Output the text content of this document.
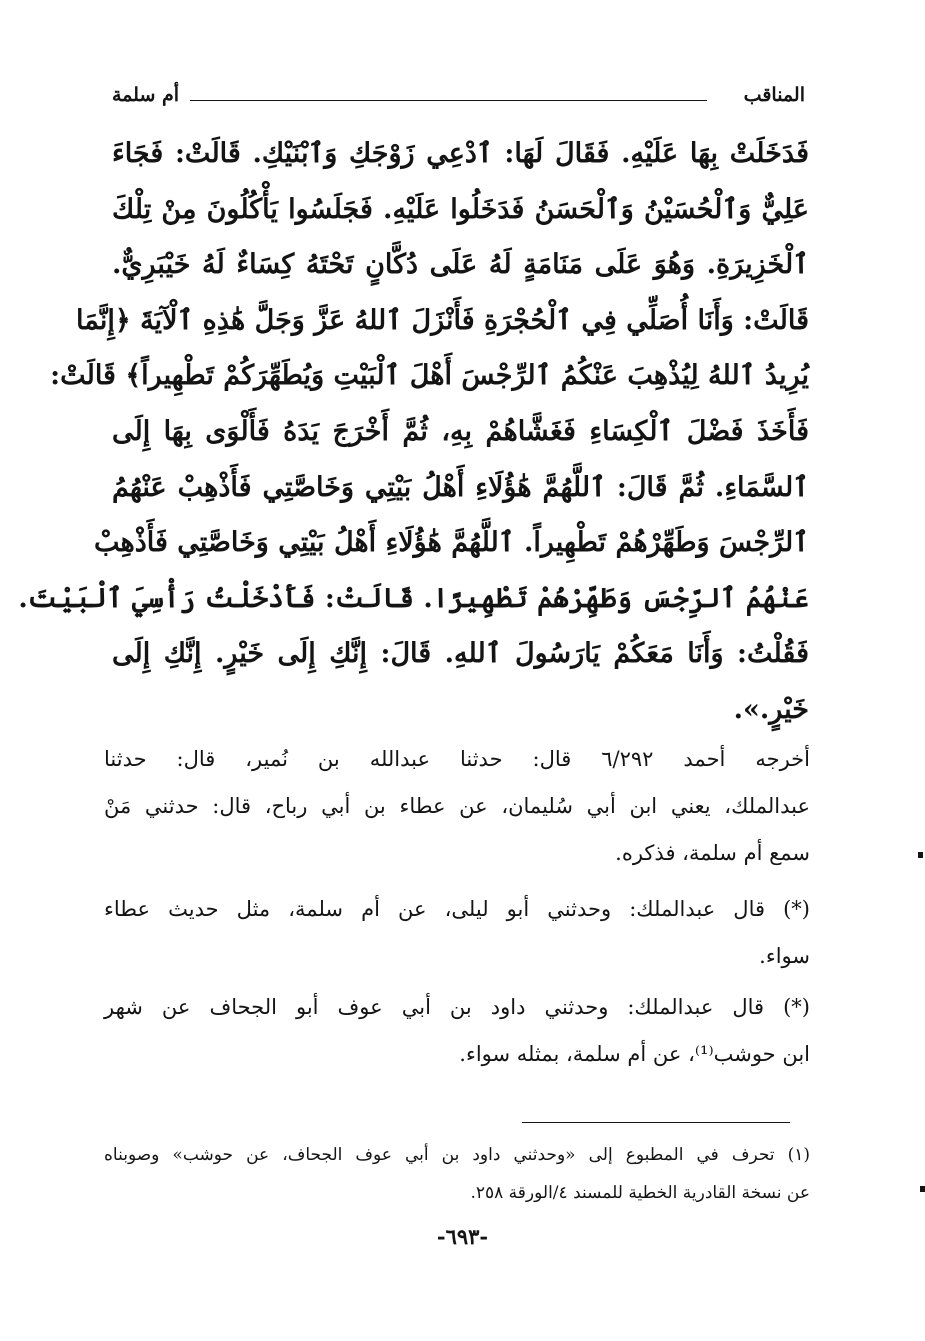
أم سلمة	المناقب
فَدَخَلَتْ بِهَا عَلَيْهِ. فَقَالَ لَهَا: ٱدْعِي زَوْجَكِ وَٱبْنَيْكِ. قَالَتْ: فَجَاءَ
عَلِيٌّ وَٱلْحُسَيْنُ وَٱلْحَسَنُ فَدَخَلُوا عَلَيْهِ. فَجَلَسُوا يَأْكُلُونَ مِنْ تِلْكَ
ٱلْخَزِيرَةِ. وَهُوَ عَلَى مَنَامَةٍ لَهُ عَلَى دُكَّانٍ تَحْتَهُ كِسَاءٌ لَهُ خَيْبَرِيٌّ.
قَالَتْ: وَأَنَا أُصَلِّي فِي ٱلْحُجْرَةِ فَأَنْزَلَ ٱللهُ عَزَّ وَجَلَّ هَٰذِهِ ٱلْآيَةَ ﴿إِنَّمَا
يُرِيدُ ٱللهُ لِيُذْهِبَ عَنْكُمُ ٱلرِّجْسَ أَهْلَ ٱلْبَيْتِ وَيُطَهِّرَكُمْ تَطْهِيراً﴾ قَالَتْ:
فَأَخَذَ فَضْلَ ٱلْكِسَاءِ فَغَشَّاهُمْ بِهِ، ثُمَّ أَخْرَجَ يَدَهُ فَأَلْوَى بِهَا إِلَى
ٱلسَّمَاءِ. ثُمَّ قَالَ: ٱللَّهُمَّ هَٰؤُلَاءِ أَهْلُ بَيْتِي وَخَاصَّتِي فَأَذْهِبْ عَنْهُمُ
ٱلرِّجْسَ وَطَهِّرْهُمْ تَطْهِيراً. ٱللَّهُمَّ هَٰؤُلَاءِ أَهْلُ بَيْتِي وَخَاصَّتِي فَأَذْهِبْ
عَنْهُمُ ٱلرِّجْسَ وَطَهِّرْهُمْ تَطْهِيرًا. قَالَتْ: فَأَدْخَلْتُ رَأْسِيَ ٱلْبَيْتَ.
فَقُلْتُ: وَأَنَا مَعَكُمْ يَارَسُولَ ٱللهِ. قَالَ: إِنَّكِ إِلَى خَيْرٍ. إِنَّكِ إِلَى
خَيْرٍ.».
أخرجه أحمد ٦/٢٩٢ قال: حدثنا عبدالله بن نُمير، قال: حدثنا
عبدالملك، يعني ابن أبي سُليمان، عن عطاء بن أبي رباح، قال: حدثني مَنْ
سمع أم سلمة، فذكره.
(*) قال عبدالملك: وحدثني أبو ليلى، عن أم سلمة، مثل حديث عطاء
سواء.
(*) قال عبدالملك: وحدثني داود بن أبي عوف أبو الجحاف عن شهر
ابن حوشب⁽¹⁾، عن أم سلمة، بمثله سواء.
(١) تحرف في المطبوع إلى «وحدثني داود بن أبي عوف الجحاف، عن حوشب» وصوبناه
عن نسخة القادرية الخطية للمسند ٤/الورقة ٢٥٨.
-٦٩٣-
